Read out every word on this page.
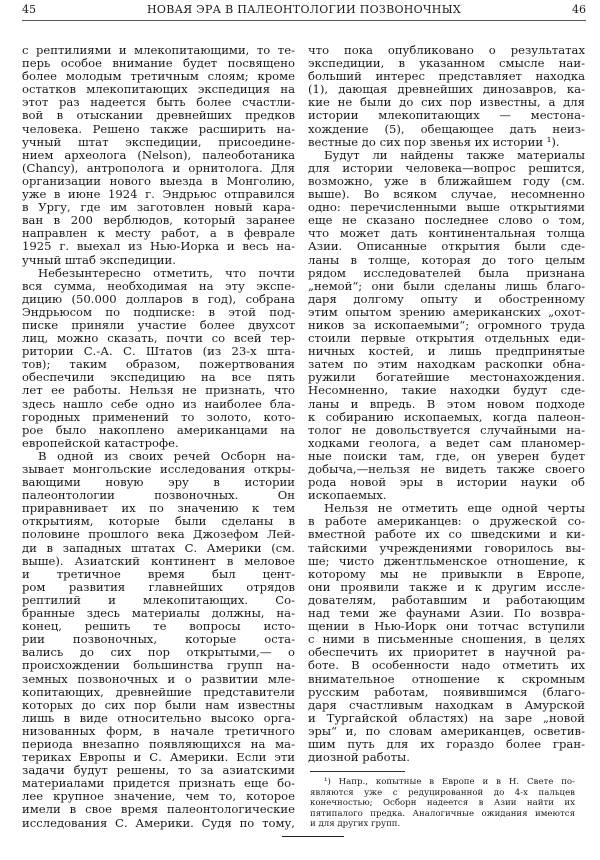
45	НОВАЯ ЭРА В ПАЛЕОНТОЛОГИИ ПОЗВОНОЧНЫХ	46
с рептилиями и млекопитающими, то те-
перь особое внимание будет посвящено
более молодым третичным слоям; кроме
остатков млекопитающих экспедиция на
этот раз надеется быть более счастли-
вой в отыскании древнейших предков
человека. Решено также расширить на-
учный штат экспедиции, присоедине-
нием археолога (Nelson), палеоботаника
(Chancy), антрополога и орнитолога. Для
организации нового выезда в Монголию,
уже в июне 1924 г. Эндрьюс отправился
в Ургу, где им заготовлен новый кара-
ван в 200 верблюдов, который заранее
направлен к месту работ, а в феврале
1925 г. выехал из Нью-Иорка и весь на-
учный штаб экспедиции.
Небезынтересно отметить, что почти
вся сумма, необходимая на эту экспе-
дицию (50.000 долларов в год), собрана
Эндрьюсом по подписке: в этой под-
писке приняли участие более двухсот
лиц, можно сказать, почти со всей тер-
ритории С.-А. С. Штатов (из 23-х шта-
тов); таким образом, пожертвования
обеспечили экспедицию на все пять
лет ее работы. Нельзя не признать, что
здесь нашло себе одно из наиболее бла-
городных применений то золото, кото-
рое было накоплено американцами на
европейской катастрофе.
В одной из своих речей Осборн на-
зывает монгольские исследования откры-
вающими новую эру в истории
палеонтологии позвоночных. Он
приравнивает их по значению к тем
открытиям, которые были сделаны в
половине прошлого века Джозефом Лей-
ди в западных штатах С. Америки (см.
выше). Азиатский континент в меловое
и третичное время был цент-
ром развития главнейших отрядов
рептилий и млекопитающих. Со-
бранные здесь материалы должны, на-
конец, решить те вопросы исто-
рии позвоночных, которые оста-
вались до сих пор открытыми,— о
происхождении большинства групп на-
земных позвоночных и о развитии мле-
копитающих, древнейшие представители
которых до сих пор были нам известны
лишь в виде относительно высоко орга-
низованных форм, в начале третичного
периода внезапно появляющихся на ма-
териках Европы и С. Америки. Если эти
задачи будут решены, то за азиатскими
материалами придется признать еще бо-
лее крупное значение, чем то, которое
имели в свое время палеонтологические
исследования С. Америки. Судя по тому,
что пока опубликовано о результатах
экспедиции, в указанном смысле наи-
больший интерес представляет находка
(1), дающая древнейших динозавров, ка-
кие не были до сих пор известны, а для
истории млекопитающих — местона-
хождение (5), обещающее дать неиз-
вестные до сих пор звенья их истории ¹).
Будут ли найдены также материалы
для истории человека—вопрос решится,
возможно, уже в ближайшем году (см.
выше). Во всяком случае, несомненно
одно: перечисленными выше открытиями
еще не сказано последнее слово о том,
что может дать континентальная толща
Азии. Описанные открытия были сде-
ланы в толще, которая до того целым
рядом исследователей была признана
„немой“; они были сделаны лишь благо-
даря долгому опыту и обостренному
этим опытом зрению американских „охот-
ников за ископаемыми“; огромного труда
стоили первые открытия отдельных еди-
ничных костей, и лишь предпринятые
затем по этим находкам раскопки обна-
ружили богатейшие местонахождения.
Несомненно, такие находки будут сде-
ланы и впредь. В этом новом подходе
к собиранию ископаемых, когда палеон-
толог не довольствуется случайными на-
ходками геолога, а ведет сам планомер-
ные поиски там, где, он уверен будет
добыча,—нельзя не видеть также своего
рода новой эры в истории науки об
ископаемых.
Нельзя не отметить еще одной черты
в работе американцев: о дружеской со-
вместной работе их со шведскими и ки-
тайскими учреждениями говорилось вы-
ше; чисто джентльменское отношение, к
которому мы не привыкли в Европе,
они проявили также и к другим иссле-
дователям, работавшим и работающим
над теми же фаунами Азии. По возвра-
щении в Нью-Иорк они тотчас вступили
с ними в письменные сношения, в целях
обеспечить их приоритет в научной ра-
боте. В особенности надо отметить их
внимательное отношение к скромным
русским работам, появившимся (благо-
даря счастливым находкам в Амурской
и Тургайской областях) на заре „новой
эры“ и, по словам американцев, осветив-
шим путь для их гораздо более гран-
диозной работы.
¹) Напр., копытные в Европе и в Н. Свете по-
являются уже с редуцированной до 4-х пальцев
конечностью; Осборн надеется в Азии найти их
пятипалого предка. Аналогичные ожидания имеются
и для других групп.
